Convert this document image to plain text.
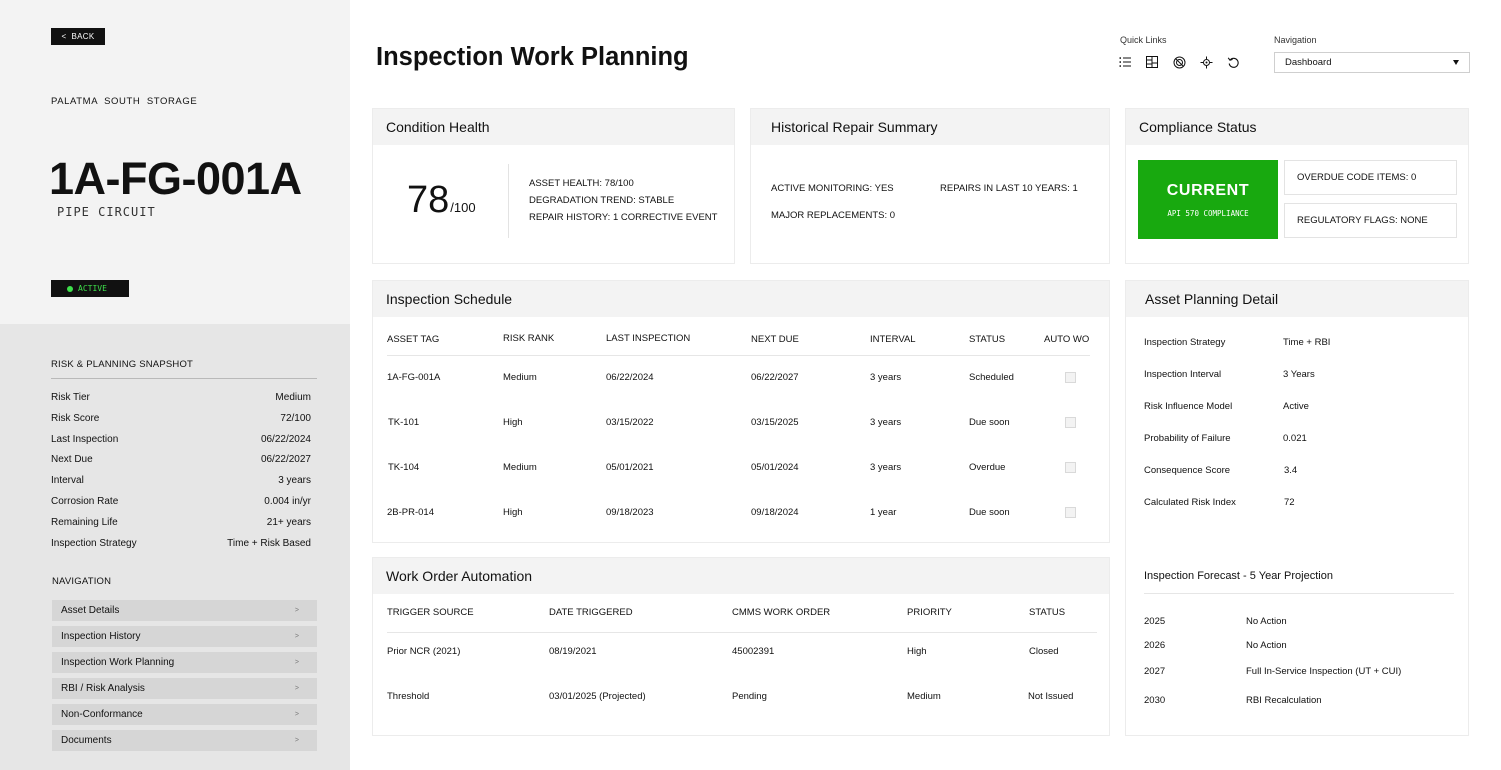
< BACK
PALATMA  SOUTH  STORAGE
1A-FG-001A
PIPE CIRCUIT
ACTIVE
RISK & PLANNING SNAPSHOT
Risk Tier	Medium
Risk Score	72/100
Last Inspection	06/22/2024
Next Due	06/22/2027
Interval	3 years
Corrosion Rate	0.004 in/yr
Remaining Life	21+ years
Inspection Strategy	Time + Risk Based
NAVIGATION
Asset Details	>
Inspection History	>
Inspection Work Planning	>
RBI / Risk Analysis	>
Non-Conformance	>
Documents	>
Inspection Work Planning
Quick Links	Navigation
Dashboard
Condition Health
78 /100
ASSET HEALTH: 78/100
DEGRADATION TREND: STABLE
REPAIR HISTORY: 1 CORRECTIVE EVENT
Historical Repair Summary
ACTIVE MONITORING: YES	REPAIRS IN LAST 10 YEARS: 1
MAJOR REPLACEMENTS: 0
Compliance Status
CURRENT
API 570 COMPLIANCE
OVERDUE CODE ITEMS: 0
REGULATORY FLAGS: NONE
Inspection Schedule
ASSET TAG	RISK RANK	LAST INSPECTION	NEXT DUE	INTERVAL	STATUS	AUTO WO
1A-FG-001A	Medium	06/22/2024	06/22/2027	3 years	Scheduled
TK-101	High	03/15/2022	03/15/2025	3 years	Due soon
TK-104	Medium	05/01/2021	05/01/2024	3 years	Overdue
2B-PR-014	High	09/18/2023	09/18/2024	1 year	Due soon
Work Order Automation
TRIGGER SOURCE	DATE TRIGGERED	CMMS WORK ORDER	PRIORITY	STATUS
Prior NCR (2021)	08/19/2021	45002391	High	Closed
Threshold	03/01/2025 (Projected)	Pending	Medium	Not Issued
Asset Planning Detail
Inspection Strategy	Time + RBI
Inspection Interval	3 Years
Risk Influence Model	Active
Probability of Failure	0.021
Consequence Score	3.4
Calculated Risk Index	72
Inspection Forecast - 5 Year Projection
2025	No Action
2026	No Action
2027	Full In-Service Inspection (UT + CUI)
2030	RBI Recalculation
